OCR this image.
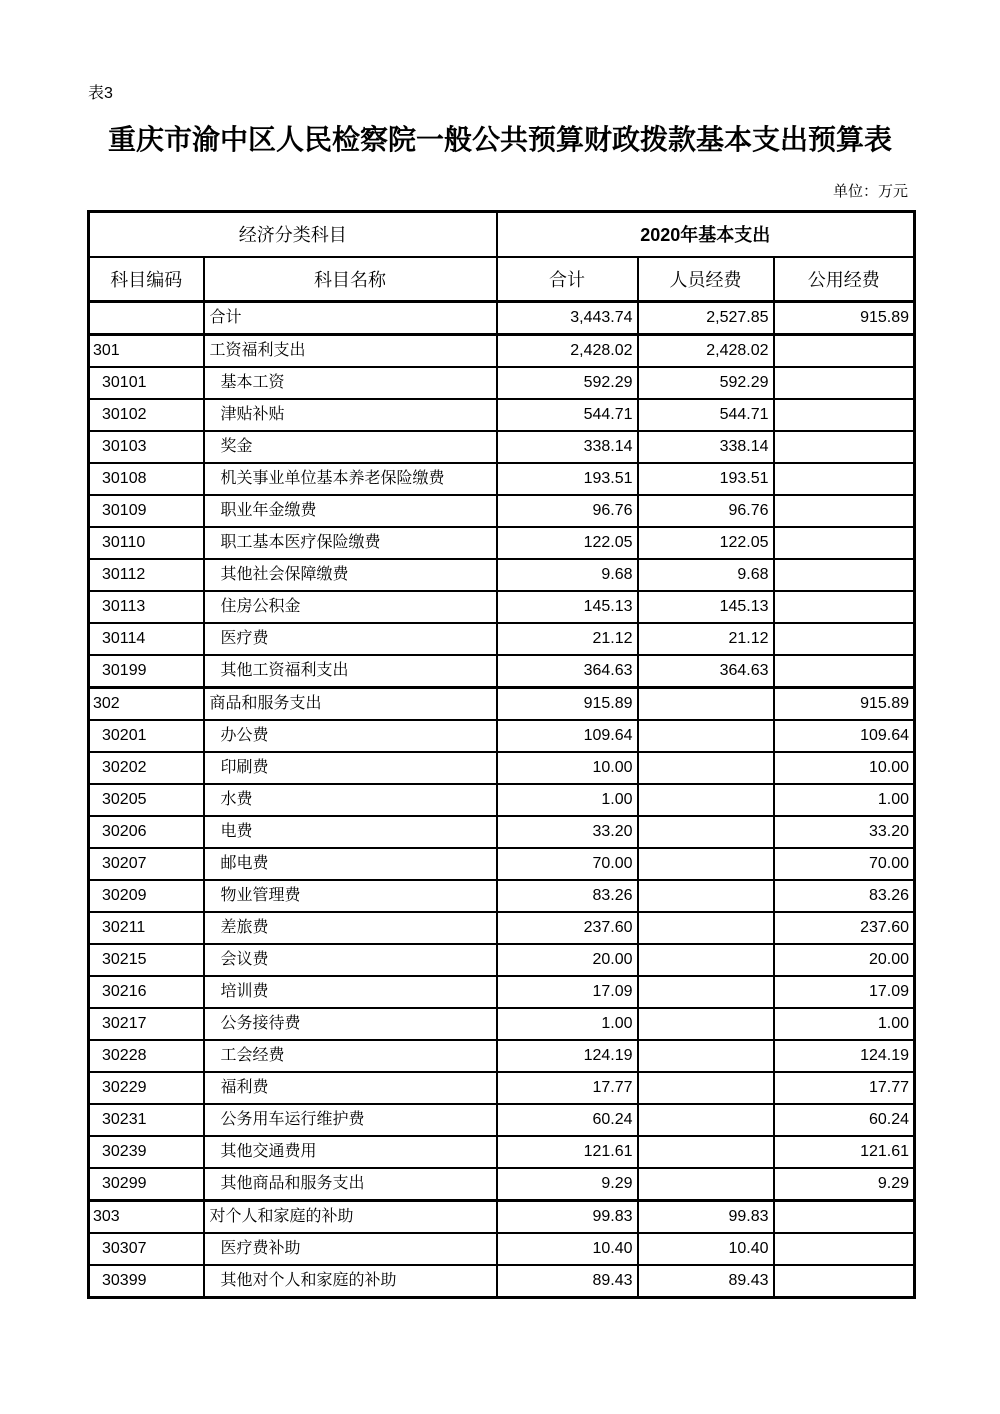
表3
重庆市渝中区人民检察院一般公共预算财政拨款基本支出预算表
单位：万元
经济分类科目		2020年基本支出		
科目编码	科目名称	合计	人员经费	公用经费
	合计	3,443.74	2,527.85	915.89
301	工资福利支出	2,428.02	2,428.02	
30101	基本工资	592.29	592.29	
30102	津贴补贴	544.71	544.71	
30103	奖金	338.14	338.14	
30108	机关事业单位基本养老保险缴费	193.51	193.51	
30109	职业年金缴费	96.76	96.76	
30110	职工基本医疗保险缴费	122.05	122.05	
30112	其他社会保障缴费	9.68	9.68	
30113	住房公积金	145.13	145.13	
30114	医疗费	21.12	21.12	
30199	其他工资福利支出	364.63	364.63	
302	商品和服务支出	915.89		915.89
30201	办公费	109.64		109.64
30202	印刷费	10.00		10.00
30205	水费	1.00		1.00
30206	电费	33.20		33.20
30207	邮电费	70.00		70.00
30209	物业管理费	83.26		83.26
30211	差旅费	237.60		237.60
30215	会议费	20.00		20.00
30216	培训费	17.09		17.09
30217	公务接待费	1.00		1.00
30228	工会经费	124.19		124.19
30229	福利费	17.77		17.77
30231	公务用车运行维护费	60.24		60.24
30239	其他交通费用	121.61		121.61
30299	其他商品和服务支出	9.29		9.29
303	对个人和家庭的补助	99.83	99.83	
30307	医疗费补助	10.40	10.40	
30399	其他对个人和家庭的补助	89.43	89.43	
